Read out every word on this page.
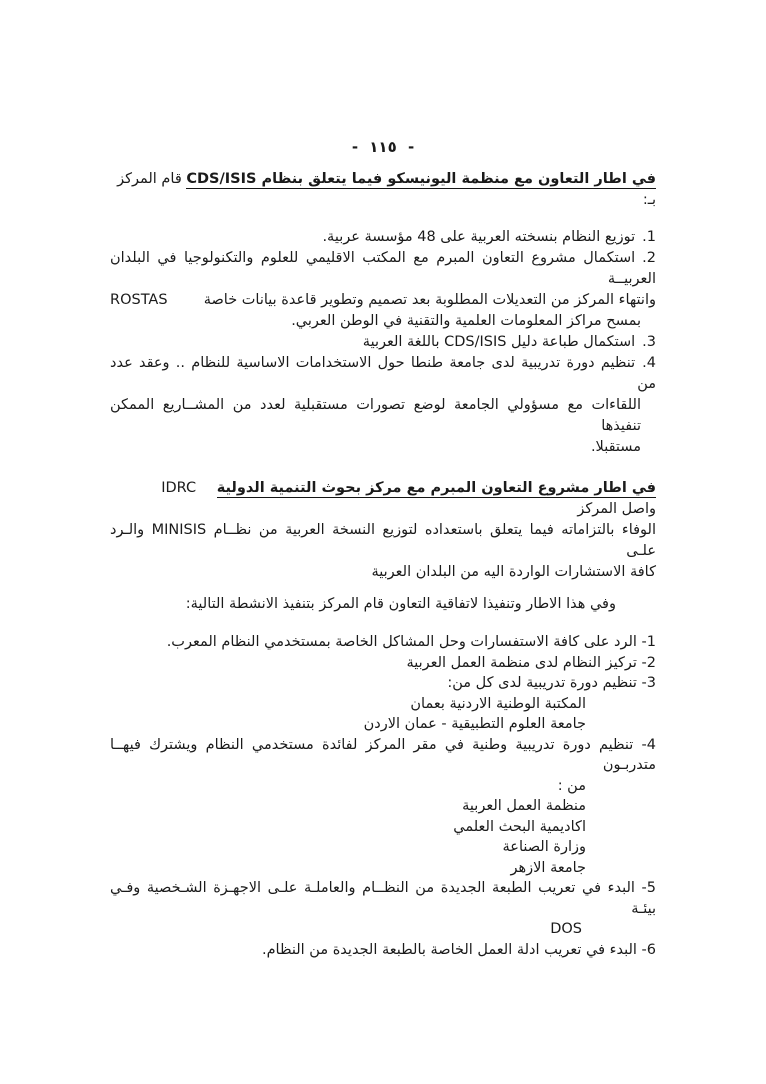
- ١١٥ -
في اطار التعاون مع منظمة اليونيسكو فيما يتعلق بنظام CDS/ISIS قام المركز بـ:
1.توزيع النظام بنسخته العربية على 48 مؤسسة عربية.
2.استكمال مشروع التعاون المبرم مع المكتب الاقليمي للعلوم والتكنولوجيا في البلدان العربيــة
ROSTAS وانتهاء المركز من التعديلات المطلوبة بعد تصميم وتطوير قاعدة بيانات خاصة
بمسح مراكز المعلومات العلمية والتقنية في الوطن العربي.
3.استكمال طباعة دليل CDS/ISIS باللغة العربية
4.تنظيم دورة تدريبية لدى جامعة طنطا حول الاستخدامات الاساسية للنظام .. وعقد عدد من
اللقاءات مع مسؤولي الجامعة لوضع تصورات مستقبلية لعدد من المشــاريع الممكن تنفيذها
مستقبلا.
في اطار مشروع التعاون المبرم مع مركز بحوث التنمية الدولية IDRC واصل المركز
الوفاء بالتزاماته فيما يتعلق باستعداده لتوزيع النسخة العربية من نظــام MINISIS والـرد علـى
كافة الاستشارات الواردة اليه من البلدان العربية
وفي هذا الاطار وتنفيذا لاتفاقية التعاون قام المركز بتنفيذ الانشطة التالية:
1- الرد على كافة الاستفسارات وحل المشاكل الخاصة بمستخدمي النظام المعرب.
2- تركيز النظام لدى منظمة العمل العربية
3- تنظيم دورة تدريبية لدى كل من:
المكتبة الوطنية الاردنية بعمان
جامعة العلوم التطبيقية - عمان الاردن
4- تنظيم دورة تدريبية وطنية في مقر المركز لفائدة مستخدمي النظام ويشترك فيهــا متدربـون
من :
منظمة العمل العربية
اكاديمية البحث العلمي
وزارة الصناعة
جامعة الازهر
5- البدء في تعريب الطبعة الجديدة من النظــام والعاملـة علـى الاجهـزة الشـخصية وفـي بيئـة
DOS
6- البدء في تعريب ادلة العمل الخاصة بالطبعة الجديدة من النظام.
